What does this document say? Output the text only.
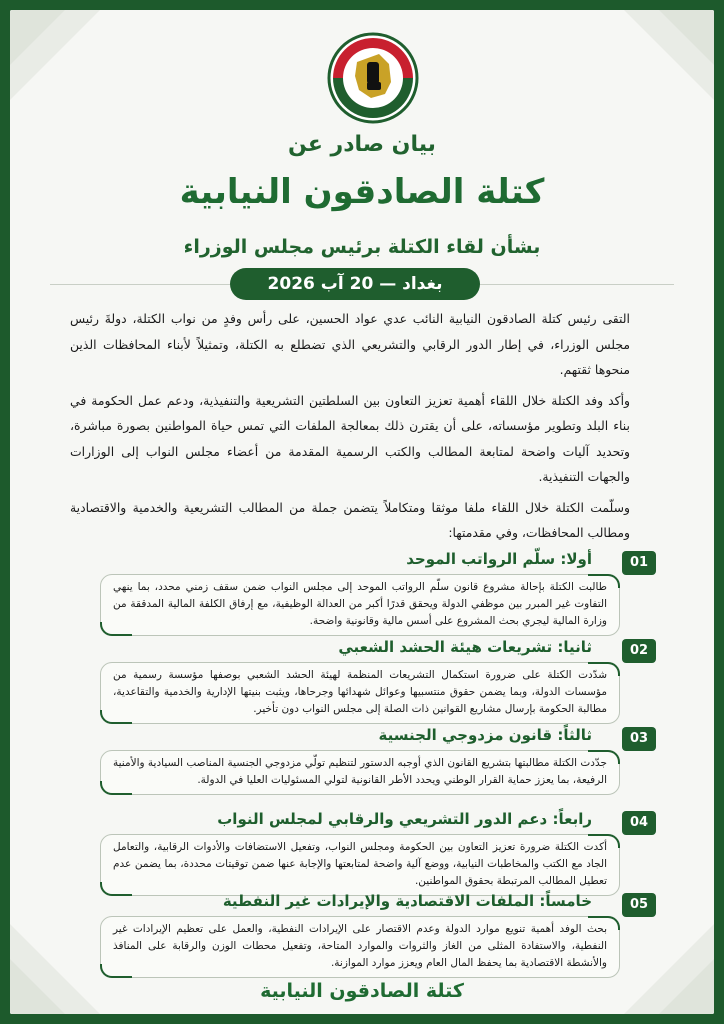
بيان صادر عن
كتلة الصادقون النيابية
بشأن لقاء الكتلة برئيس مجلس الوزراء
بغداد — 20 آب 2026

التقى رئيس كتلة الصادقون النيابية النائب عدي عواد الحسين، على رأس وفدٍ من نواب الكتلة، دولةَ رئيس مجلس الوزراء، في إطار الدور الرقابي والتشريعي الذي تضطلع به الكتلة، وتمثيلاً لأبناء المحافظات الذين منحوها ثقتهم.

وأكد وفد الكتلة خلال اللقاء أهمية تعزيز التعاون بين السلطتين التشريعية والتنفيذية، ودعم عمل الحكومة في بناء البلد وتطوير مؤسساته، على أن يقترن ذلك بمعالجة الملفات التي تمس حياة المواطنين بصورة مباشرة، وتحديد آليات واضحة لمتابعة المطالب والكتب الرسمية المقدمة من أعضاء مجلس النواب إلى الوزارات والجهات التنفيذية.

وسلّمت الكتلة خلال اللقاء ملفا موثقا ومتكاملاً يتضمن جملة من المطالب التشريعية والخدمية والاقتصادية ومطالب المحافظات، وفي مقدمتها:

01
أولا: سلّم الرواتب الموحد
طالبت الكتلة بإحالة مشروع قانون سلّم الرواتب الموحد إلى مجلس النواب ضمن سقف زمني محدد، بما ينهي التفاوت غير المبرر بين موظفي الدولة ويحقق قدرًا أكبر من العدالة الوظيفية، مع إرفاق الكلفة المالية المدققة من وزارة المالية ليجري بحث المشروع على أسس مالية وقانونية واضحة.
02
ثانيا: تشريعات هيئة الحشد الشعبي
شدّدت الكتلة على ضرورة استكمال التشريعات المنظمة لهيئة الحشد الشعبي بوصفها مؤسسة رسمية من مؤسسات الدولة، وبما يضمن حقوق منتسبيها وعوائل شهدائها وجرحاها، ويثبت بنيتها الإدارية والخدمية والتقاعدية، مطالبة الحكومة بإرسال مشاريع القوانين ذات الصلة إلى مجلس النواب دون تأخير.
03
ثالثاً: قانون مزدوجي الجنسية
جدّدت الكتلة مطالبتها بتشريع القانون الذي أوجبه الدستور لتنظيم تولّي مزدوجي الجنسية المناصب السيادية والأمنية الرفيعة، بما يعزز حماية القرار الوطني ويحدد الأطر القانونية لتولي المسئوليات العليا في الدولة.
04
رابعاً: دعم الدور التشريعي والرقابي لمجلس النواب
أكدت الكتلة ضرورة تعزيز التعاون بين الحكومة ومجلس النواب، وتفعيل الاستضافات والأدوات الرقابية، والتعامل الجاد مع الكتب والمخاطبات النيابية، ووضع آلية واضحة لمتابعتها والإجابة عنها ضمن توقيتات محددة، بما يضمن عدم تعطيل المطالب المرتبطة بحقوق المواطنين.
05
خامساً: الملفات الاقتصادية والإيرادات غير النفطية
بحث الوفد أهمية تنويع موارد الدولة وعدم الاقتصار على الإيرادات النفطية، والعمل على تعظيم الإيرادات غير النفطية، والاستفادة المثلى من الغاز والثروات والموارد المتاحة، وتفعيل محطات الوزن والرقابة على المنافذ والأنشطة الاقتصادية بما يحفظ المال العام ويعزز موارد الموازنة.
كتلة الصادقون النيابية
